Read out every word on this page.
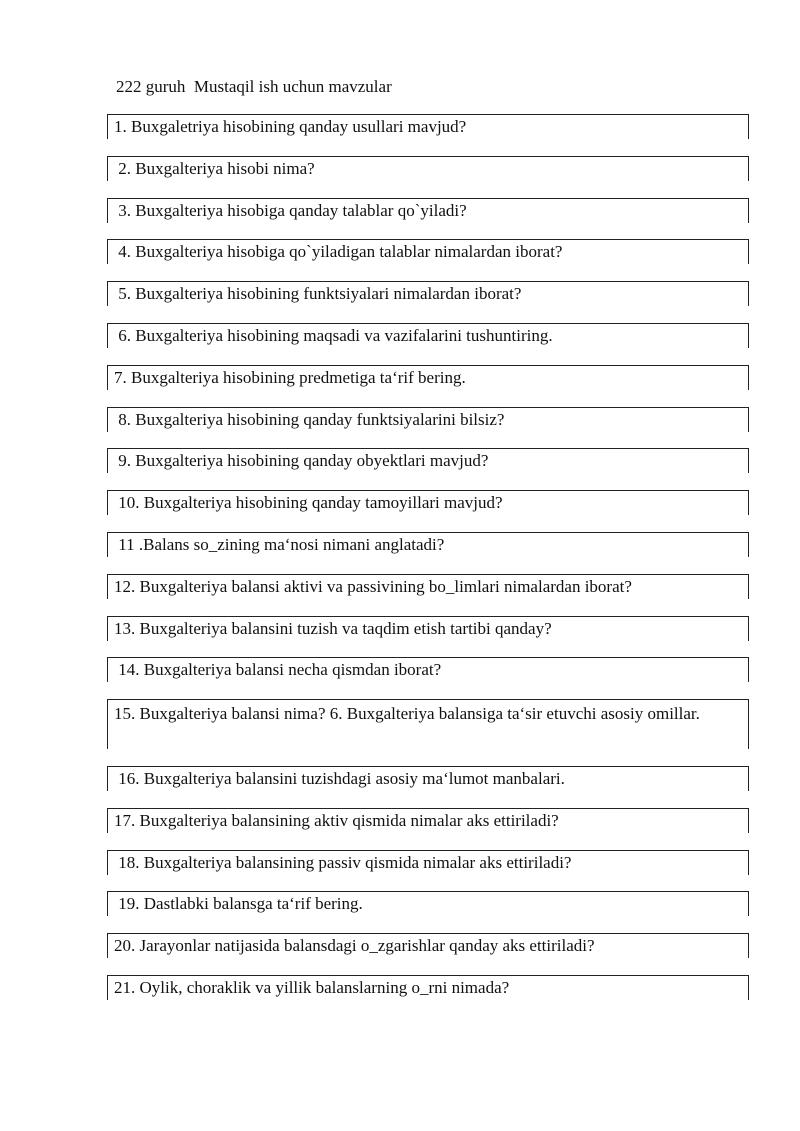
222 guruh  Mustaqil ish uchun mavzular
1. Buxgaletriya hisobining qanday usullari mavjud?
2. Buxgalteriya hisobi nima?
3. Buxgalteriya hisobiga qanday talablar qo`yiladi?
4. Buxgalteriya hisobiga qo`yiladigan talablar nimalardan iborat?
5. Buxgalteriya hisobining funktsiyalari nimalardan iborat?
6. Buxgalteriya hisobining maqsadi va vazifalarini tushuntiring.
7. Buxgalteriya hisobining predmetiga ta‘rif bering.
8. Buxgalteriya hisobining qanday funktsiyalarini bilsiz?
9. Buxgalteriya hisobining qanday obyektlari mavjud?
10. Buxgalteriya hisobining qanday tamoyillari mavjud?
11 .Balans so_zining ma‘nosi nimani anglatadi?
12. Buxgalteriya balansi aktivi va passivining bo_limlari nimalardan iborat?
13. Buxgalteriya balansini tuzish va taqdim etish tartibi qanday?
14. Buxgalteriya balansi necha qismdan iborat?
15. Buxgalteriya balansi nima? 6. Buxgalteriya balansiga ta‘sir etuvchi asosiy omillar.
16. Buxgalteriya balansini tuzishdagi asosiy ma‘lumot manbalari.
17. Buxgalteriya balansining aktiv qismida nimalar aks ettiriladi?
18. Buxgalteriya balansining passiv qismida nimalar aks ettiriladi?
19. Dastlabki balansga ta‘rif bering.
20. Jarayonlar natijasida balansdagi o_zgarishlar qanday aks ettiriladi?
21. Oylik, choraklik va yillik balanslarning o_rni nimada?
